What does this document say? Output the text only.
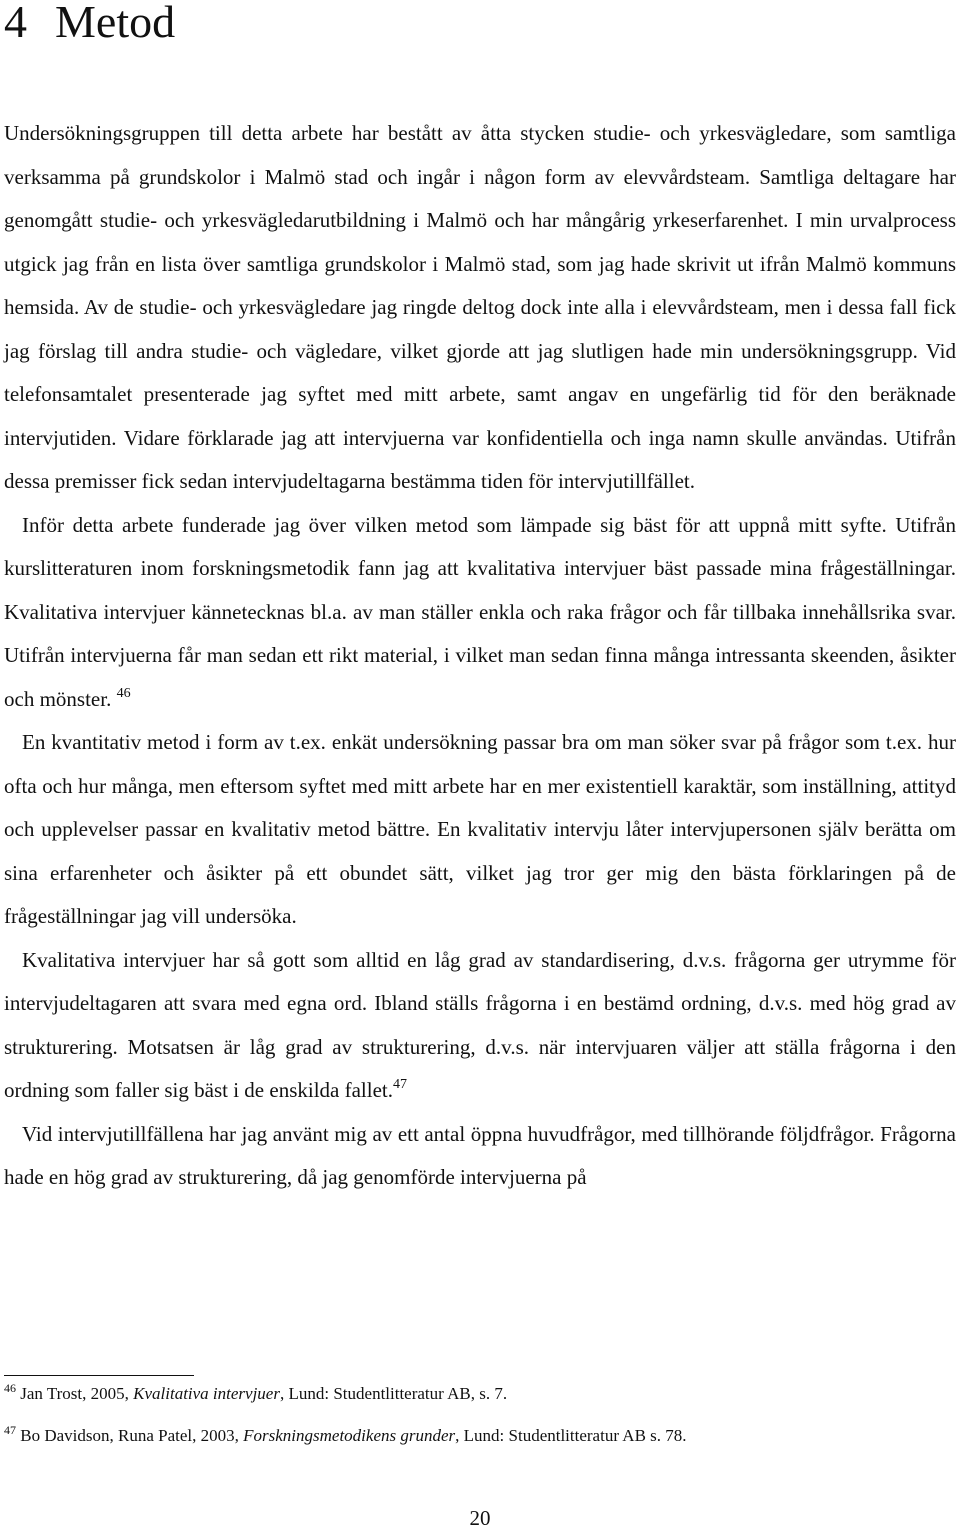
4 Metod

Undersökningsgruppen till detta arbete har bestått av åtta stycken studie- och yrkesvägledare, som samtliga verksamma på grundskolor i Malmö stad och ingår i någon form av elevvårdsteam. Samtliga deltagare har genomgått studie- och yrkesvägledarutbildning i Malmö och har mångårig yrkeserfarenhet. I min urvalprocess utgick jag från en lista över samtliga grundskolor i Malmö stad, som jag hade skrivit ut ifrån Malmö kommuns hemsida. Av de studie- och yrkesvägledare jag ringde deltog dock inte alla i elevvårdsteam, men i dessa fall fick jag förslag till andra studie- och vägledare, vilket gjorde att jag slutligen hade min undersökningsgrupp. Vid telefonsamtalet presenterade jag syftet med mitt arbete, samt angav en ungefärlig tid för den beräknade intervjutiden. Vidare förklarade jag att intervjuerna var konfidentiella och inga namn skulle användas. Utifrån dessa premisser fick sedan intervjudeltagarna bestämma tiden för intervjutillfället.

Inför detta arbete funderade jag över vilken metod som lämpade sig bäst för att uppnå mitt syfte. Utifrån kurslitteraturen inom forskningsmetodik fann jag att kvalitativa intervjuer bäst passade mina frågeställningar. Kvalitativa intervjuer kännetecknas bl.a. av man ställer enkla och raka frågor och får tillbaka innehållsrika svar. Utifrån intervjuerna får man sedan ett rikt material, i vilket man sedan finna många intressanta skeenden, åsikter och mönster. $^{46}$

En kvantitativ metod i form av t.ex. enkät undersökning passar bra om man söker svar på frågor som t.ex. hur ofta och hur många, men eftersom syftet med mitt arbete har en mer existentiell karaktär, som inställning, attityd och upplevelser passar en kvalitativ metod bättre. En kvalitativ intervju låter intervjupersonen själv berätta om sina erfarenheter och åsikter på ett obundet sätt, vilket jag tror ger mig den bästa förklaringen på de frågeställningar jag vill undersöka.

Kvalitativa intervjuer har så gott som alltid en låg grad av standardisering, d.v.s. frågorna ger utrymme för intervjudeltagaren att svara med egna ord. Ibland ställs frågorna i en bestämd ordning, d.v.s. med hög grad av strukturering. Motsatsen är låg grad av strukturering, d.v.s. när intervjuaren väljer att ställa frågorna i den ordning som faller sig bäst i de enskilda fallet.$^{47}$

Vid intervjutillfällena har jag använt mig av ett antal öppna huvudfrågor, med tillhörande följdfrågor. Frågorna hade en hög grad av strukturering, då jag genomförde intervjuerna på

$^{46}$ Jan Trost, 2005, Kvalitativa intervjuer, Lund: Studentlitteratur AB, s. 7.

$^{47}$ Bo Davidson, Runa Patel, 2003, Forskningsmetodikens grunder, Lund: Studentlitteratur AB s. 78.

20
